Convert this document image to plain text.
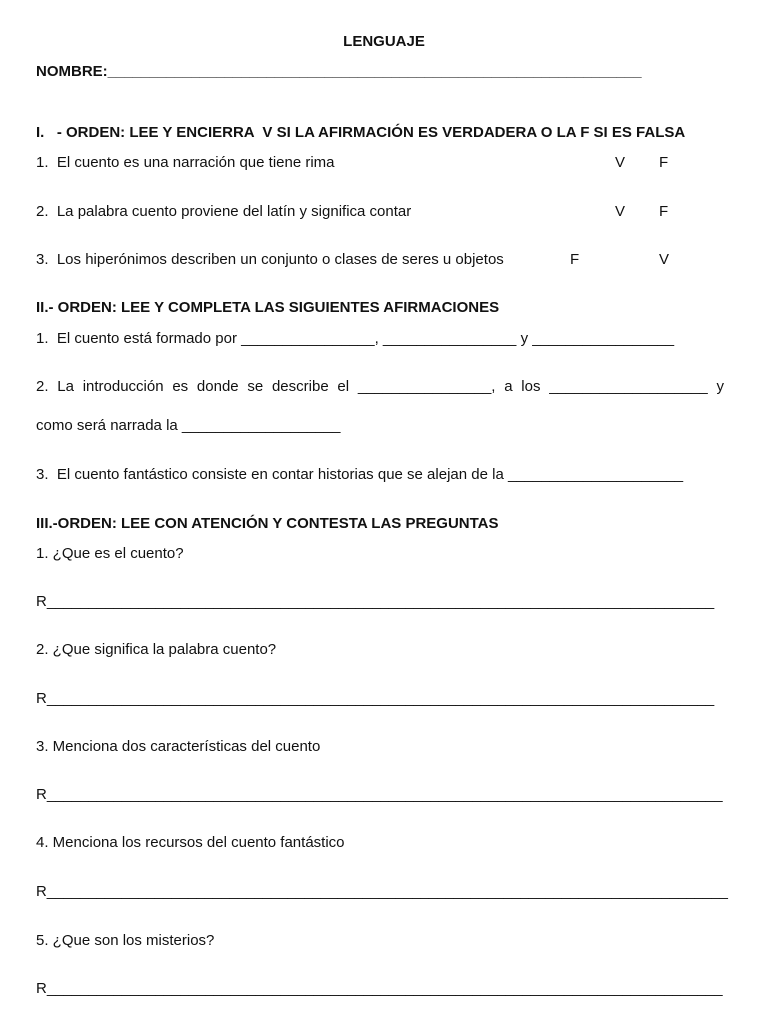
LENGUAJE
NOMBRE:________________________________________________________________
I.   - ORDEN: LEE Y ENCIERRA  V SI LA AFIRMACIÓN ES VERDADERA O LA F SI ES FALSA
1.  El cuento es una narración que tiene rima	V F
2.  La palabra cuento proviene del latín y significa contar	V F
3.  Los hiperónimos describen un conjunto o clases de seres u objetos	F	V
II.- ORDEN: LEE Y COMPLETA LAS SIGUIENTES AFIRMACIONES
1.  El cuento está formado por ________________, ________________ y _________________
2. La introducción es donde se describe el ________________, a los ___________________ y
como será narrada la ___________________
3.  El cuento fantástico consiste en contar historias que se alejan de la _____________________
III.-ORDEN: LEE CON ATENCIÓN Y CONTESTA LAS PREGUNTAS
1. ¿Que es el cuento?
R________________________________________________________________________________
2. ¿Que significa la palabra cuento?
R________________________________________________________________________________
3. Menciona dos características del cuento
R_________________________________________________________________________________
4. Menciona los recursos del cuento fantástico
R__________________________________________________________________________________
5. ¿Que son los misterios?
R_________________________________________________________________________________
